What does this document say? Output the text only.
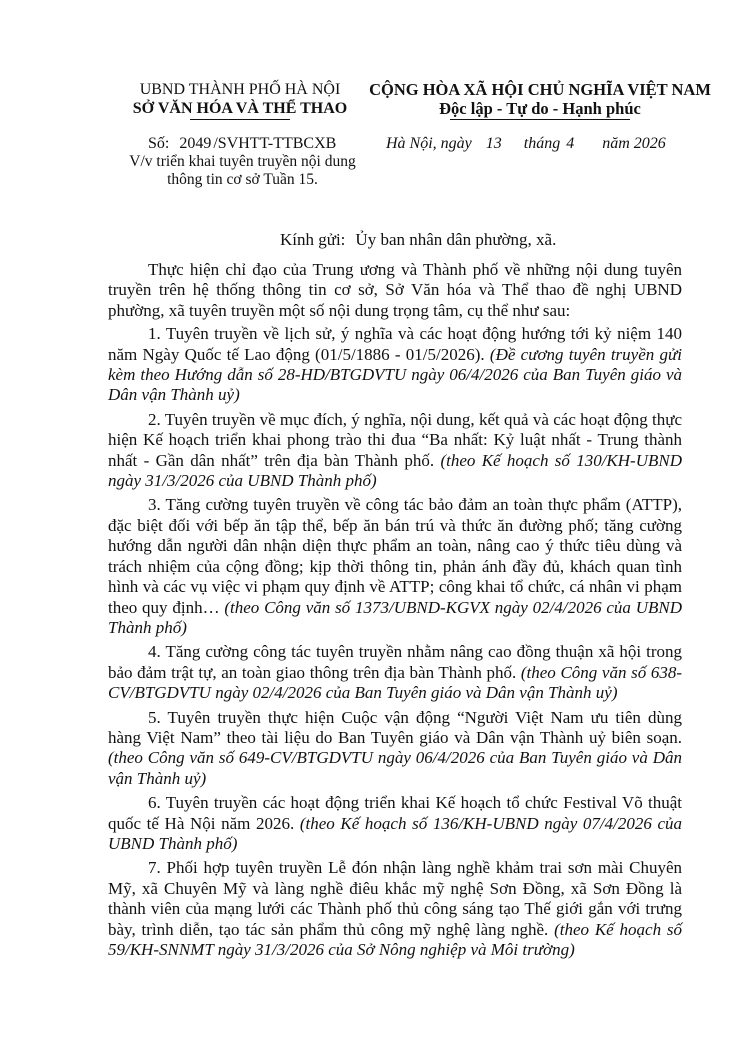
UBND THÀNH PHỐ HÀ NỘI
SỞ VĂN HÓA VÀ THỂ THAO
CỘNG HÒA XÃ HỘI CHỦ NGHĨA VIỆT NAM
Độc lập - Tự do - Hạnh phúc
Số: 2049 /SVHTT-TTBCXB
V/v triển khai tuyên truyền nội dung thông tin cơ sở Tuần 15.
Hà Nội, ngày 13 tháng 4 năm 2026
Kính gửi: Ủy ban nhân dân phường, xã.

Thực hiện chỉ đạo của Trung ương và Thành phố về những nội dung tuyên truyền trên hệ thống thông tin cơ sở, Sở Văn hóa và Thể thao đề nghị UBND phường, xã tuyên truyền một số nội dung trọng tâm, cụ thể như sau:

1. Tuyên truyền về lịch sử, ý nghĩa và các hoạt động hướng tới kỷ niệm 140 năm Ngày Quốc tế Lao động (01/5/1886 - 01/5/2026). (Đề cương tuyên truyền gửi kèm theo Hướng dẫn số 28-HD/BTGDVTU ngày 06/4/2026 của Ban Tuyên giáo và Dân vận Thành uỷ)

2. Tuyên truyền về mục đích, ý nghĩa, nội dung, kết quả và các hoạt động thực hiện Kế hoạch triển khai phong trào thi đua “Ba nhất: Kỷ luật nhất - Trung thành nhất - Gần dân nhất” trên địa bàn Thành phố. (theo Kế hoạch số 130/KH-UBND ngày 31/3/2026 của UBND Thành phố)

3. Tăng cường tuyên truyền về công tác bảo đảm an toàn thực phẩm (ATTP), đặc biệt đối với bếp ăn tập thể, bếp ăn bán trú và thức ăn đường phố; tăng cường hướng dẫn người dân nhận diện thực phẩm an toàn, nâng cao ý thức tiêu dùng và trách nhiệm của cộng đồng; kịp thời thông tin, phản ánh đầy đủ, khách quan tình hình và các vụ việc vi phạm quy định về ATTP; công khai tổ chức, cá nhân vi phạm theo quy định… (theo Công văn số 1373/UBND-KGVX ngày 02/4/2026 của UBND Thành phố)

4. Tăng cường công tác tuyên truyền nhằm nâng cao đồng thuận xã hội trong bảo đảm trật tự, an toàn giao thông trên địa bàn Thành phố. (theo Công văn số 638-CV/BTGDVTU ngày 02/4/2026 của Ban Tuyên giáo và Dân vận Thành uỷ)

5. Tuyên truyền thực hiện Cuộc vận động “Người Việt Nam ưu tiên dùng hàng Việt Nam” theo tài liệu do Ban Tuyên giáo và Dân vận Thành uỷ biên soạn. (theo Công văn số 649-CV/BTGDVTU ngày 06/4/2026 của Ban Tuyên giáo và Dân vận Thành uỷ)

6. Tuyên truyền các hoạt động triển khai Kế hoạch tổ chức Festival Võ thuật quốc tế Hà Nội năm 2026. (theo Kế hoạch số 136/KH-UBND ngày 07/4/2026 của UBND Thành phố)

7. Phối hợp tuyên truyền Lễ đón nhận làng nghề khảm trai sơn mài Chuyên Mỹ, xã Chuyên Mỹ và làng nghề điêu khắc mỹ nghệ Sơn Đồng, xã Sơn Đồng là thành viên của mạng lưới các Thành phố thủ công sáng tạo Thế giới gắn với trưng bày, trình diễn, tạo tác sản phẩm thủ công mỹ nghệ làng nghề. (theo Kế hoạch số 59/KH-SNNMT ngày 31/3/2026 của Sở Nông nghiệp và Môi trường)
